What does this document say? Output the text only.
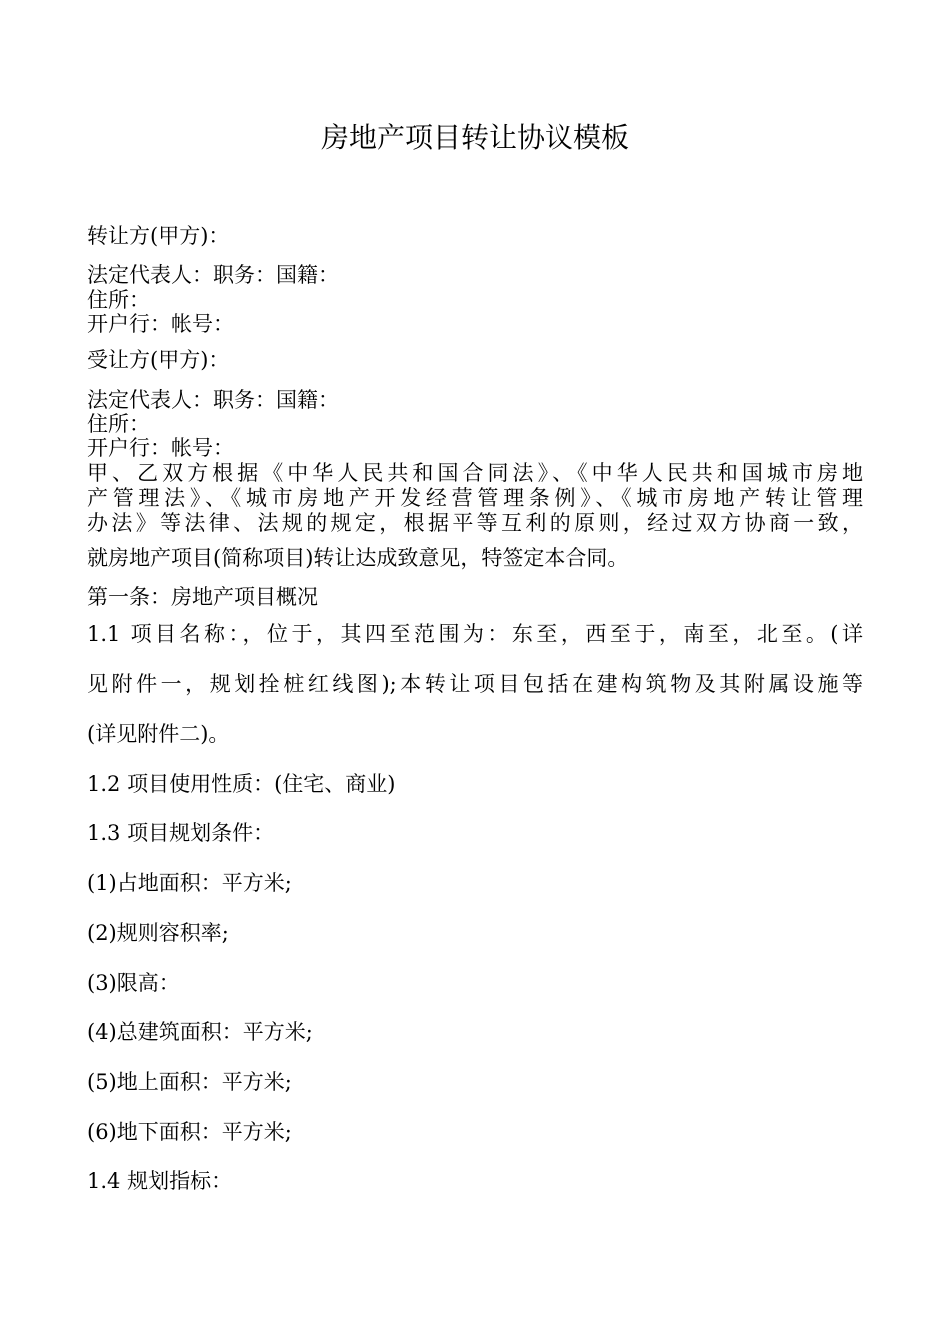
房地产项目转让协议模板
转让方(甲方)：
法定代表人：职务：国籍：
住所：
开户行：帐号：
受让方(甲方)：
法定代表人：职务：国籍：
住所：
开户行：帐号：
甲、乙双方根据《中华人民共和国合同法》、《中华人民共和国城市房地
产管理法》、《城市房地产开发经营管理条例》、《城市房地产转让管理
办法》等法律、法规的规定，根据平等互利的原则，经过双方协商一致，
就房地产项目(简称项目)转让达成致意见，特签定本合同。
第一条：房地产项目概况
1.1 项目名称：，位于，其四至范围为：东至，西至于，南至，北至。(详
见附件一，规划拴桩红线图);本转让项目包括在建构筑物及其附属设施等
(详见附件二)。
1.2 项目使用性质：(住宅、商业)
1.3 项目规划条件：
(1)占地面积：平方米;
(2)规则容积率;
(3)限高：
(4)总建筑面积：平方米;
(5)地上面积：平方米;
(6)地下面积：平方米;
1.4 规划指标：
